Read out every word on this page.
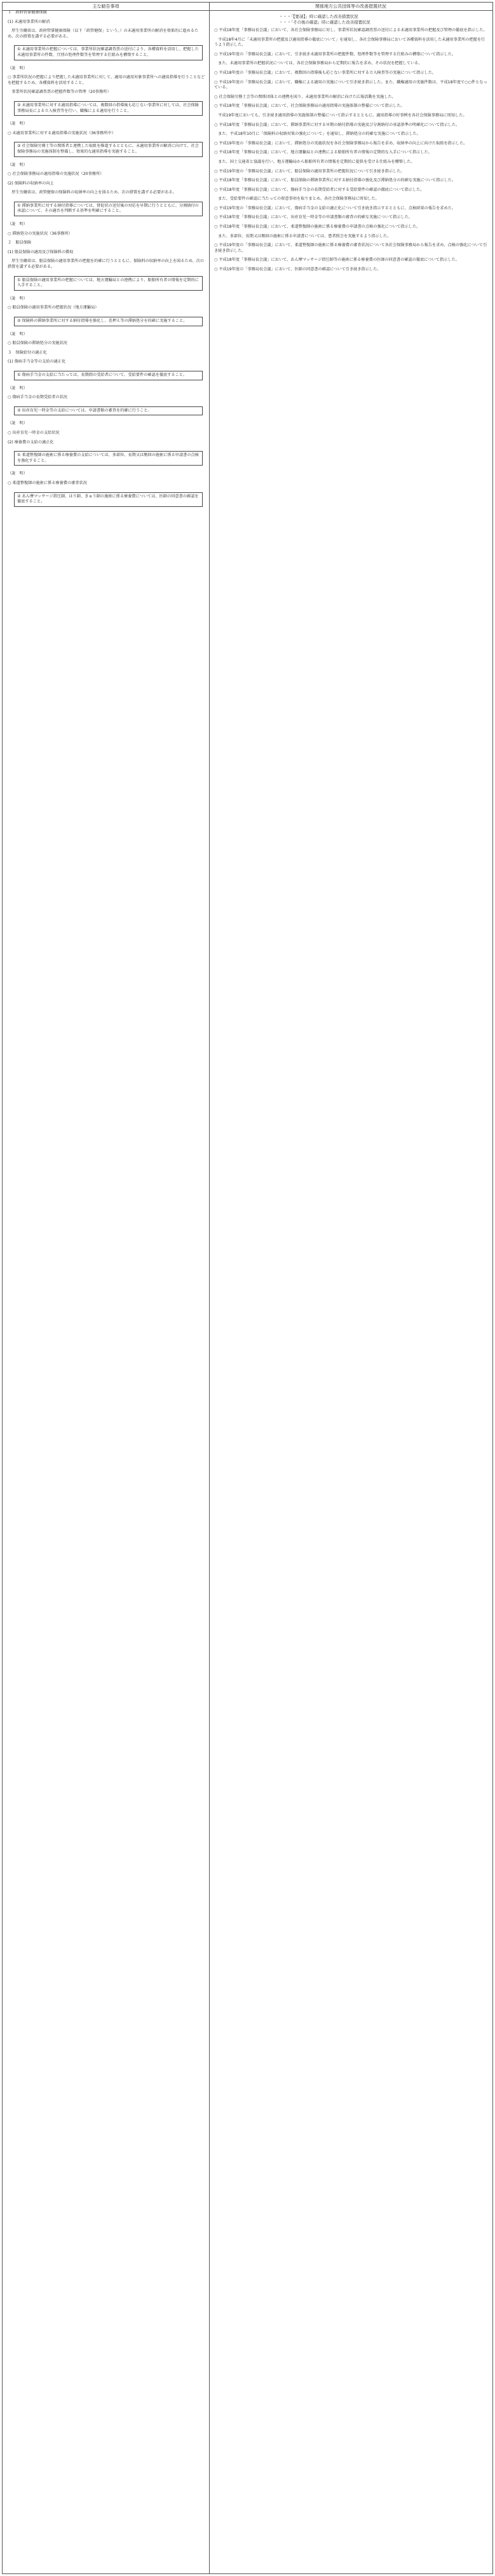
主な勧告事項	関係地方公共団体等の改善措置状況
１　政府管掌健康保険
(1) 未適用事業所の解消
　厚生労働省は、政府管掌健康保険（以下「政管健保」という。）の未適用事業所の解消を効果的に進めるため、次の措置を講ずる必要がある。
① 未適用事業所の把握については、事業所状況確認調査票の送付により、各種資料を活用し、把握した未適用事業所の件数、月別の処理件数等を管理する仕組みを構築すること。
（説　明）
○ 事業所状況の把握により把握した未適用事業所に対して、適用の適用対象事業所への適用指導を行うことなどを把握するため、各種資料を活用すること。
　事業所状況確認調査票の把握件数等の管理（20事務所）
② 未適用事業所に対する適用指導については、複数回の指導後も応じない事業所に対しては、社会保険事務局長による立入検査等を行い、職権による適用を行うこと。
（説　明）
○ 未適用事業所に対する適用指導の実施状況（36事務所中）
③ 社会保険労務士等の関係者と連携した取組を推進するとともに、未適用事業所の解消に向けて、社会保険事務局の実施体制を整備し、効果的な適用指導を実施すること。
（説　明）
○ 社会保険事務局の適用指導の実施状況（20事務所）
(2) 保険料の収納率の向上
　厚生労働省は、政管健保の保険料の収納率の向上を図るため、次の措置を講ずる必要がある。
① 滞納事業所に対する納付指導については、督促状の送付後の対応を早期に行うとともに、分割納付の承認について、その適否を判断する基準を明確にすること。
（説　明）
○ 滞納処分の実施状況（36事務所）
２　船員保険
(1) 船員保険の適用及び保険料の徴収
　厚生労働省は、船員保険の適用事業所の把握を的確に行うとともに、保険料の収納率の向上を図るため、次の措置を講ずる必要がある。
① 船員保険の適用事業所の把握については、地方運輸局との連携により、船舶所有者の情報を定期的に入手すること。
（説　明）
○ 船員保険の適用事業所の把握状況（地方運輸局）
② 保険料の滞納事業所に対する納付指導を強化し、差押え等の滞納処分を的確に実施すること。
（説　明）
○ 船員保険の滞納処分の実施状況
３　保険給付の適正化
(1) 傷病手当金等の支給の適正化
① 傷病手当金の支給に当たっては、長期間の受給者について、受給要件の確認を徹底すること。
（説　明）
○ 傷病手当金の長期受給者の状況
② 出産育児一時金等の支給については、申請書類の審査を的確に行うこと。
（説　明）
○ 出産育児一時金の支給状況
(2) 療養費の支給の適正化
① 柔道整復師の施術に係る療養費の支給については、多部位、長期又は頻回の施術に係る申請書の点検を強化すること。
（説　明）
○ 柔道整復師の施術に係る療養費の審査状況
② あん摩マッサージ指圧師、はり師、きゅう師の施術に係る療養費については、医師の同意書の確認を徹底すること。
・・・「【要請】」時に確認した改善措置状況
・・・「その後の確認」時に確認した改善措置状況
○ 平成18年度「事務局長会議」において、各社会保険事務局に対し、事業所状況確認調査票の送付による未適用事業所の把握及び管理の徹底を指示した。
　平成18年4月に「未適用事業所の把握及び適用指導の徹底について」を通知し、各社会保険事務局において各種資料を活用した未適用事業所の把握を行うよう指示した。
○ 平成19年度の「事務局長会議」において、引き続き未適用事業所の把握件数、処理件数等を管理する仕組みの構築について指示した。
　また、未適用事業所の把握状況については、各社会保険事務局から定期的に報告を求め、その状況を把握している。
○ 平成18年度の「事務局長会議」において、複数回の指導後も応じない事業所に対する立入検査等の実施について指示した。
○ 平成19年度の「事務局長会議」において、職権による適用の実施について引き続き指示した。また、職権適用の実施件数は、平成18年度で○○件となっている。
○ 社会保険労務士会等の関係団体との連携を図り、未適用事業所の解消に向けた広報活動を実施した。
○ 平成18年度「事務局長会議」において、社会保険事務局の適用指導の実施体制の整備について指示した。
　平成19年度においても、引き続き適用指導の実施体制の整備について指示するとともに、適用指導の好事例を各社会保険事務局に周知した。
○ 平成18年度「事務局長会議」において、滞納事業所に対する早期の納付指導の実施及び分割納付の承認基準の明確化について指示した。
　また、平成18年10月に「保険料の収納対策の強化について」を通知し、滞納処分の的確な実施について指示した。
○ 平成19年度の「事務局長会議」において、滞納処分の実施状況を各社会保険事務局から報告を求め、収納率の向上に向けた取組を指示した。
○ 平成18年度「事務局長会議」において、地方運輸局との連携による船舶所有者の情報の定期的な入手について指示した。
　また、国土交通省と協議を行い、地方運輸局から船舶所有者の情報を定期的に提供を受ける仕組みを構築した。
○ 平成19年度の「事務局長会議」において、船員保険の適用事業所の把握状況について引き続き指示した。
○ 平成18年度「事務局長会議」において、船員保険の滞納事業所に対する納付指導の強化及び滞納処分の的確な実施について指示した。
○ 平成18年度「事務局長会議」において、傷病手当金の長期受給者に対する受給要件の確認の徹底について指示した。
　また、受給要件の確認に当たっての留意事項を取りまとめ、各社会保険事務局に周知した。
○ 平成19年度の「事務局長会議」において、傷病手当金の支給の適正化について引き続き指示するとともに、点検結果の報告を求めた。
○ 平成18年度「事務局長会議」において、出産育児一時金等の申請書類の審査の的確な実施について指示した。
○ 平成18年度「事務局長会議」において、柔道整復師の施術に係る療養費の申請書の点検の強化について指示した。
　また、多部位、長期又は頻回の施術に係る申請書については、患者照会を実施するよう指示した。
○ 平成19年度の「事務局長会議」において、柔道整復師の施術に係る療養費の審査状況について各社会保険事務局から報告を求め、点検の強化について引き続き指示した。
○ 平成18年度「事務局長会議」において、あん摩マッサージ指圧師等の施術に係る療養費の医師の同意書の確認の徹底について指示した。
○ 平成19年度の「事務局長会議」において、医師の同意書の確認について引き続き指示した。
